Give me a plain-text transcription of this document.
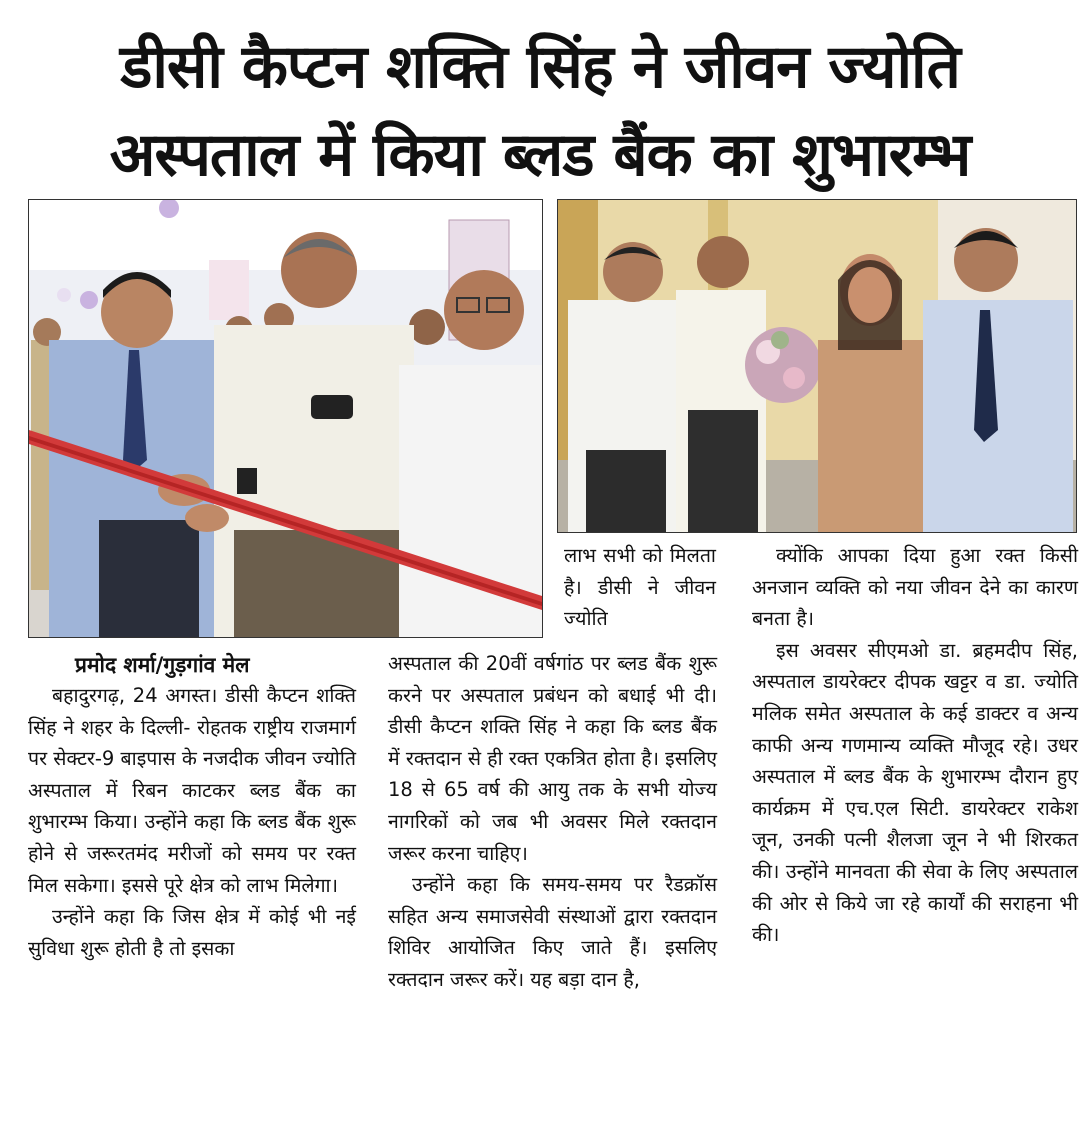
डीसी कैप्टन शक्ति सिंह ने जीवन ज्योति
अस्पताल में किया ब्लड बैंक का शुभारम्भ
प्रमोद शर्मा/गुड़गांव मेल

बहादुरगढ़, 24 अगस्त। डीसी कैप्टन शक्ति सिंह ने शहर के दिल्ली- रोहतक राष्ट्रीय राजमार्ग पर सेक्टर-9 बाइपास के नजदीक जीवन ज्योति अस्पताल में रिबन काटकर ब्लड बैंक का शुभारम्भ किया। उन्होंने कहा कि ब्लड बैंक शुरू होने से जरूरतमंद मरीजों को समय पर रक्त मिल सकेगा। इससे पूरे क्षेत्र को लाभ मिलेगा।

उन्होंने कहा कि जिस क्षेत्र में कोई भी नई सुविधा शुरू होती है तो इसका

लाभ सभी को मिलता है। डीसी ने जीवन ज्योति

अस्पताल की 20वीं वर्षगांठ पर ब्लड बैंक शुरू करने पर अस्पताल प्रबंधन को बधाई भी दी। डीसी कैप्टन शक्ति सिंह ने कहा कि ब्लड बैंक में रक्तदान से ही रक्त एकत्रित होता है। इसलिए 18 से 65 वर्ष की आयु तक के सभी योज्य नागरिकों को जब भी अवसर मिले रक्तदान जरूर करना चाहिए।

उन्होंने कहा कि समय-समय पर रैडक्रॉस सहित अन्य समाजसेवी संस्थाओं द्वारा रक्तदान शिविर आयोजित किए जाते हैं। इसलिए रक्तदान जरूर करें। यह बड़ा दान है,

क्योंकि आपका दिया हुआ रक्त किसी अनजान व्यक्ति को नया जीवन देने का कारण बनता है।

इस अवसर सीएमओ डा. ब्रहमदीप सिंह, अस्पताल डायरेक्टर दीपक खट्टर व डा. ज्योति मलिक समेत अस्पताल के कई डाक्टर व अन्य काफी अन्य गणमान्य व्यक्ति मौजूद रहे। उधर अस्पताल में ब्लड बैंक के शुभारम्भ दौरान हुए कार्यक्रम में एच.एल सिटी. डायरेक्टर राकेश जून, उनकी पत्नी शैलजा जून ने भी शिरकत की। उन्होंने मानवता की सेवा के लिए अस्पताल की ओर से किये जा रहे कार्यों की सराहना भी की।
